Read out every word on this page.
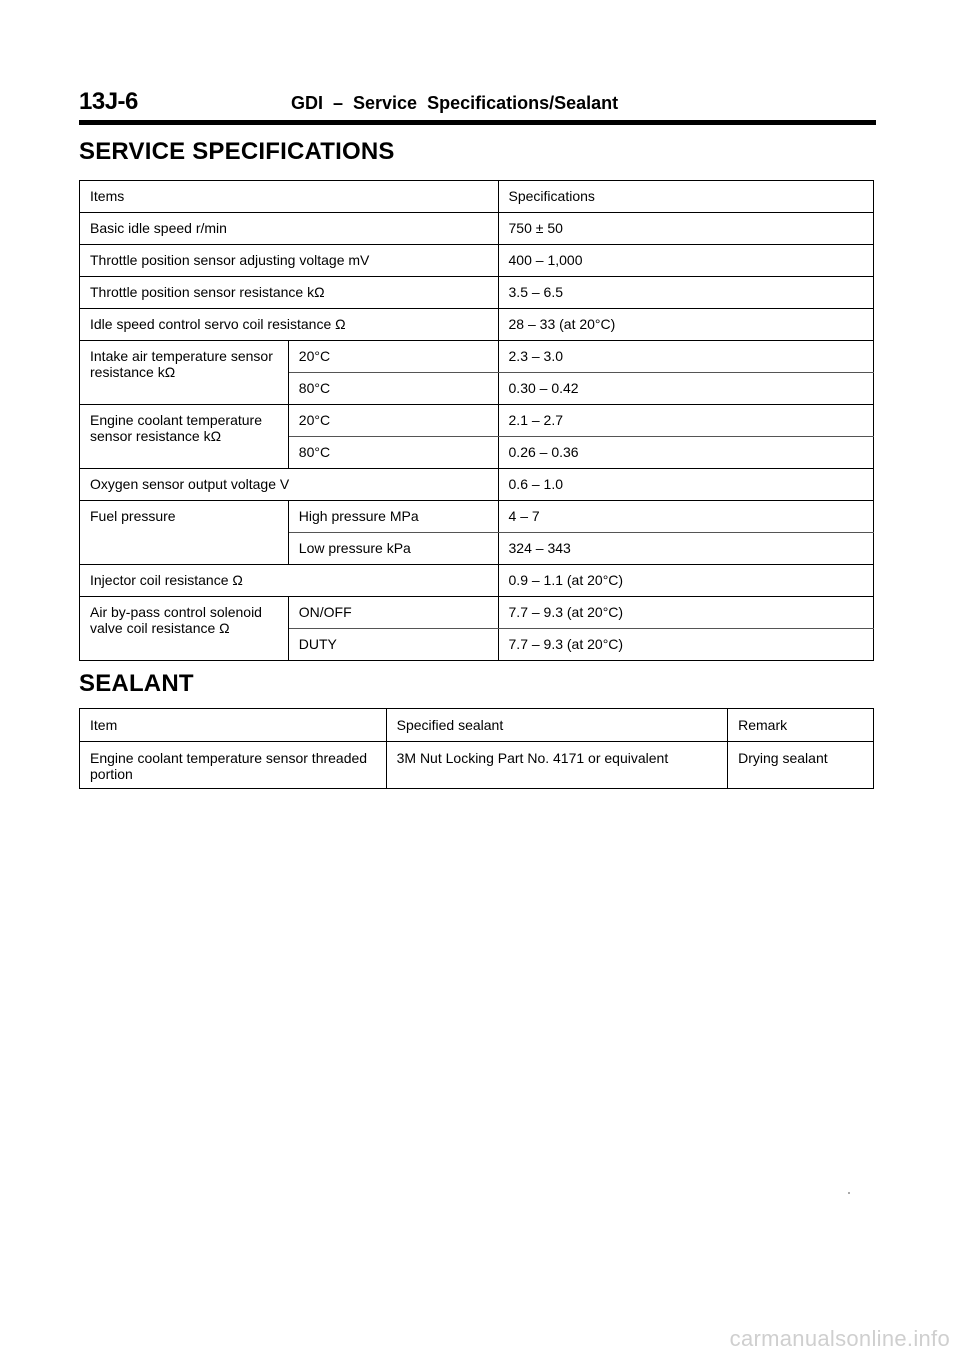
13J-6	GDI  –  Service  Specifications/Sealant
SERVICE SPECIFICATIONS
Items		Specifications
Basic idle speed r/min		750 ± 50
Throttle position sensor adjusting voltage mV		400 – 1,000
Throttle position sensor resistance kΩ		3.5 – 6.5
Idle speed control servo coil resistance Ω		28 – 33 (at 20°C)
Intake air temperature sensor resistance kΩ	20°C	2.3 – 3.0
	80°C	0.30 – 0.42
Engine coolant temperature sensor resistance kΩ	20°C	2.1 – 2.7
	80°C	0.26 – 0.36
Oxygen sensor output voltage V		0.6 – 1.0
Fuel pressure	High pressure MPa	4 – 7
	Low pressure kPa	324 – 343
Injector coil resistance Ω		0.9 – 1.1 (at 20°C)
Air by-pass control solenoid valve coil resistance Ω	ON/OFF	7.7 – 9.3 (at 20°C)
	DUTY	7.7 – 9.3 (at 20°C)
SEALANT
Item	Specified sealant	Remark
Engine coolant temperature sensor threaded portion	3M Nut Locking Part No. 4171 or equivalent	Drying sealant
carmanualsonline.info
